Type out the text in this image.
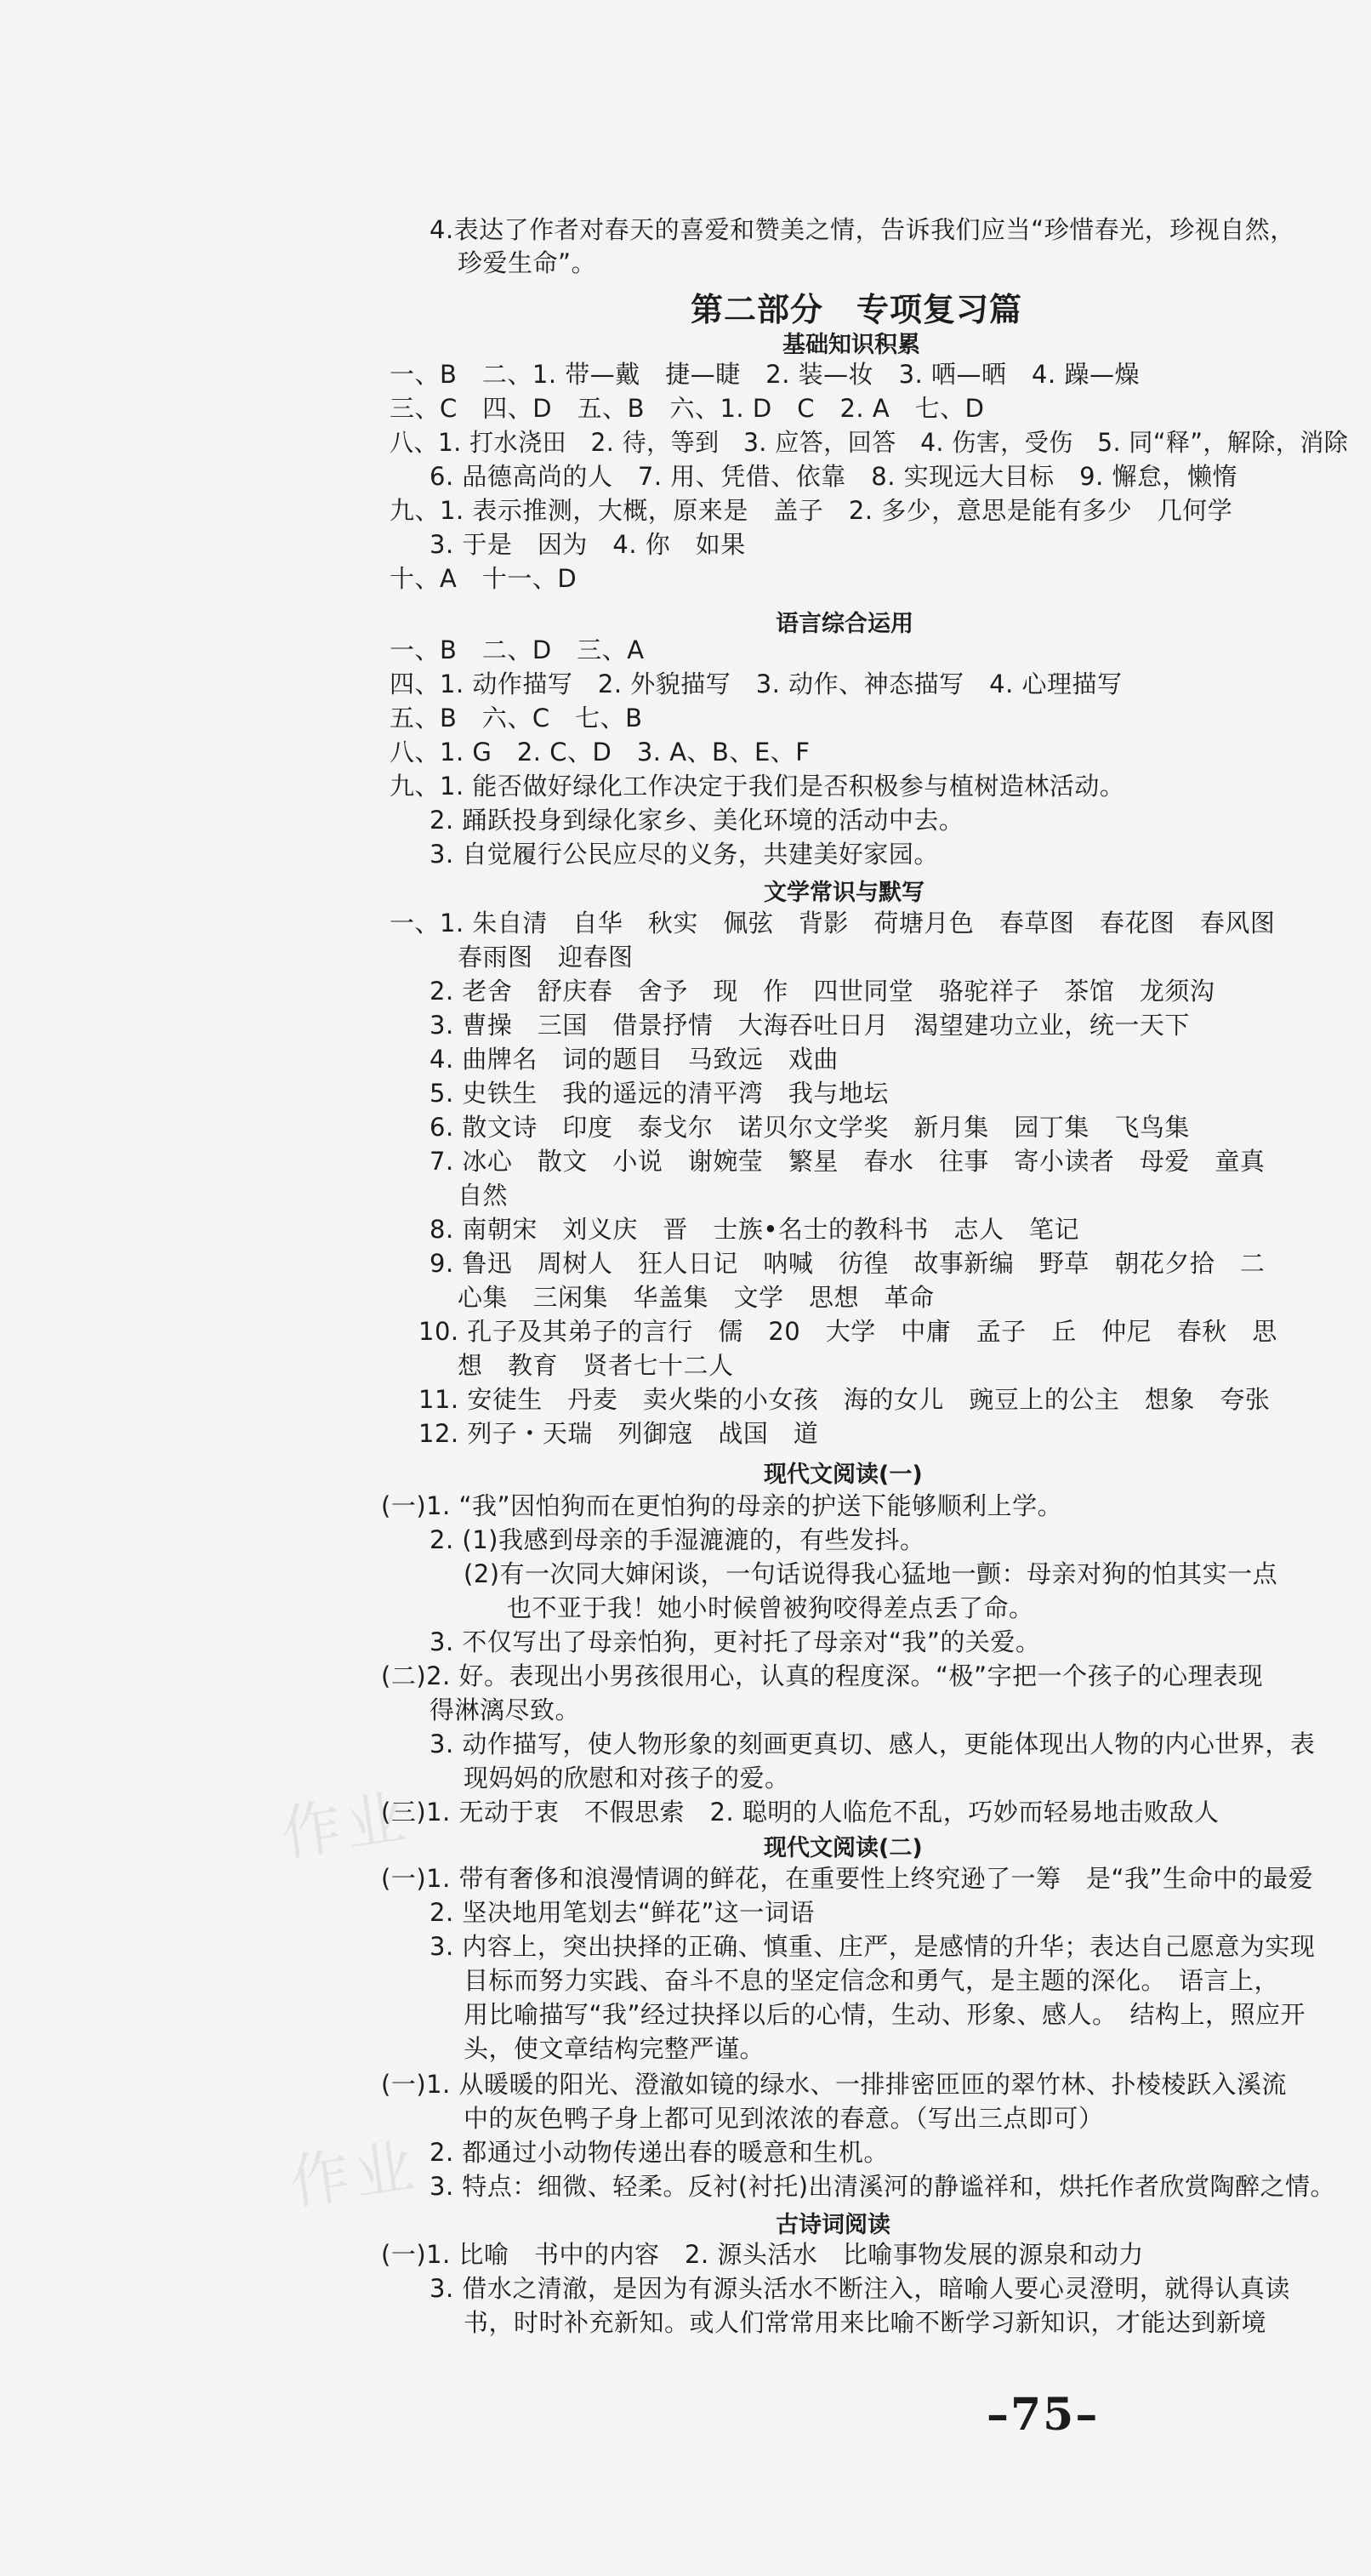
作业
作业
4.表达了作者对春天的喜爱和赞美之情，告诉我们应当“珍惜春光，珍视自然，
珍爱生命”。
第二部分　专项复习篇
基础知识积累
一、B　二、1. 带—戴　捷—睫　2. 装—妆　3. 哂—晒　4. 躁—燥
三、C　四、D　五、B　六、1. D　C　2. A　七、D
八、1. 打水浇田　2. 待，等到　3. 应答，回答　4. 伤害，受伤　5. 同“释”，解除，消除
6. 品德高尚的人　7. 用、凭借、依靠　8. 实现远大目标　9. 懈怠，懒惰
九、1. 表示推测，大概，原来是　盖子　2. 多少，意思是能有多少　几何学
3. 于是　因为　4. 你　如果
十、A　十一、D
语言综合运用
一、B　二、D　三、A
四、1. 动作描写　2. 外貌描写　3. 动作、神态描写　4. 心理描写
五、B　六、C　七、B
八、1. G　2. C、D　3. A、B、E、F
九、1. 能否做好绿化工作决定于我们是否积极参与植树造林活动。
2. 踊跃投身到绿化家乡、美化环境的活动中去。
3. 自觉履行公民应尽的义务，共建美好家园。
文学常识与默写
一、1. 朱自清　自华　秋实　佩弦　背影　荷塘月色　春草图　春花图　春风图
春雨图　迎春图
2. 老舍　舒庆春　舍予　现　作　四世同堂　骆驼祥子　茶馆　龙须沟
3. 曹操　三国　借景抒情　大海吞吐日月　渴望建功立业，统一天下
4. 曲牌名　词的题目　马致远　戏曲
5. 史铁生　我的遥远的清平湾　我与地坛
6. 散文诗　印度　泰戈尔　诺贝尔文学奖　新月集　园丁集　飞鸟集
7. 冰心　散文　小说　谢婉莹　繁星　春水　往事　寄小读者　母爱　童真
自然
8. 南朝宋　刘义庆　晋　士族•名士的教科书　志人　笔记
9. 鲁迅　周树人　狂人日记　呐喊　彷徨　故事新编　野草　朝花夕拾　二
心集　三闲集　华盖集　文学　思想　革命
10. 孔子及其弟子的言行　儒　20　大学　中庸　孟子　丘　仲尼　春秋　思
想　教育　贤者七十二人
11. 安徒生　丹麦　卖火柴的小女孩　海的女儿　豌豆上的公主　想象　夸张
12. 列子・天瑞　列御寇　战国　道
现代文阅读(一)
(一)1. “我”因怕狗而在更怕狗的母亲的护送下能够顺利上学。
2. (1)我感到母亲的手湿漉漉的，有些发抖。
(2)有一次同大婶闲谈，一句话说得我心猛地一颤：母亲对狗的怕其实一点
也不亚于我！她小时候曾被狗咬得差点丢了命。
3. 不仅写出了母亲怕狗，更衬托了母亲对“我”的关爱。
(二)2. 好。表现出小男孩很用心，认真的程度深。“极”字把一个孩子的心理表现
得淋漓尽致。
3. 动作描写，使人物形象的刻画更真切、感人，更能体现出人物的内心世界，表
现妈妈的欣慰和对孩子的爱。
(三)1. 无动于衷　不假思索　2. 聪明的人临危不乱，巧妙而轻易地击败敌人
现代文阅读(二)
(一)1. 带有奢侈和浪漫情调的鲜花，在重要性上终究逊了一筹　是“我”生命中的最爱
2. 坚决地用笔划去“鲜花”这一词语
3. 内容上，突出抉择的正确、慎重、庄严，是感情的升华；表达自己愿意为实现
目标而努力实践、奋斗不息的坚定信念和勇气，是主题的深化。　语言上，
用比喻描写“我”经过抉择以后的心情，生动、形象、感人。　结构上，照应开
头，使文章结构完整严谨。
(一)1. 从暖暖的阳光、澄澈如镜的绿水、一排排密匝匝的翠竹林、扑棱棱跃入溪流
中的灰色鸭子身上都可见到浓浓的春意。（写出三点即可）
2. 都通过小动物传递出春的暖意和生机。
3. 特点：细微、轻柔。反衬(衬托)出清溪河的静谧祥和，烘托作者欣赏陶醉之情。
古诗词阅读
(一)1. 比喻　书中的内容　2. 源头活水　比喻事物发展的源泉和动力
3. 借水之清澈，是因为有源头活水不断注入，暗喻人要心灵澄明，就得认真读
书，时时补充新知。或人们常常用来比喻不断学习新知识，才能达到新境
–75–
